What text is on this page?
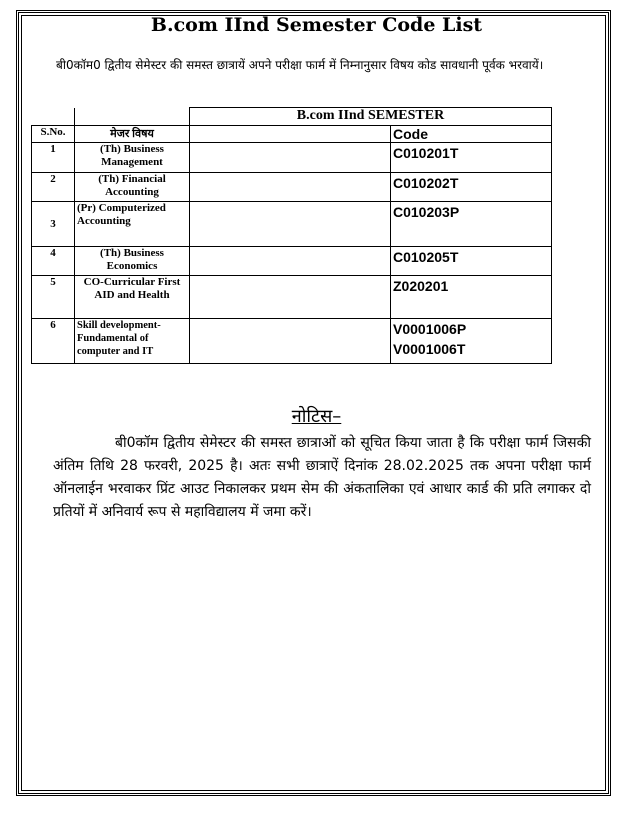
B.com IInd Semester Code List
बी0कॉम0 द्वितीय सेमेस्टर की समस्त छात्रायें अपने परीक्षा फार्म में निम्नानुसार विषय कोड सावधानी पूर्वक भरवायें।
		B.com IInd SEMESTER	
S.No.	मेजर विषय		Code
1	(Th) Business Management		C010201T

2	(Th) Financial Accounting		C010202T

3	(Pr) Computerized Accounting		C010203P

4	(Th) Business Economics		C010205T

5	CO-Curricular First AID and Health		Z020201

6	Skill development-Fundamental of computer and IT		V0001006P
V0001006T
नोटिस–
बी0कॉम द्वितीय सेमेस्टर की समस्त छात्राओं को सूचित किया जाता है कि परीक्षा फार्म जिसकी अंतिम तिथि 28 फरवरी, 2025 है। अतः सभी छात्राऐं दिनांक 28.02.2025 तक अपना परीक्षा फार्म ऑनलाईन भरवाकर प्रिंट आउट निकालकर प्रथम सेम की अंकतालिका एवं आधार कार्ड की प्रति लगाकर दो प्रतियों में अनिवार्य रूप से महाविद्यालय में जमा करें।
